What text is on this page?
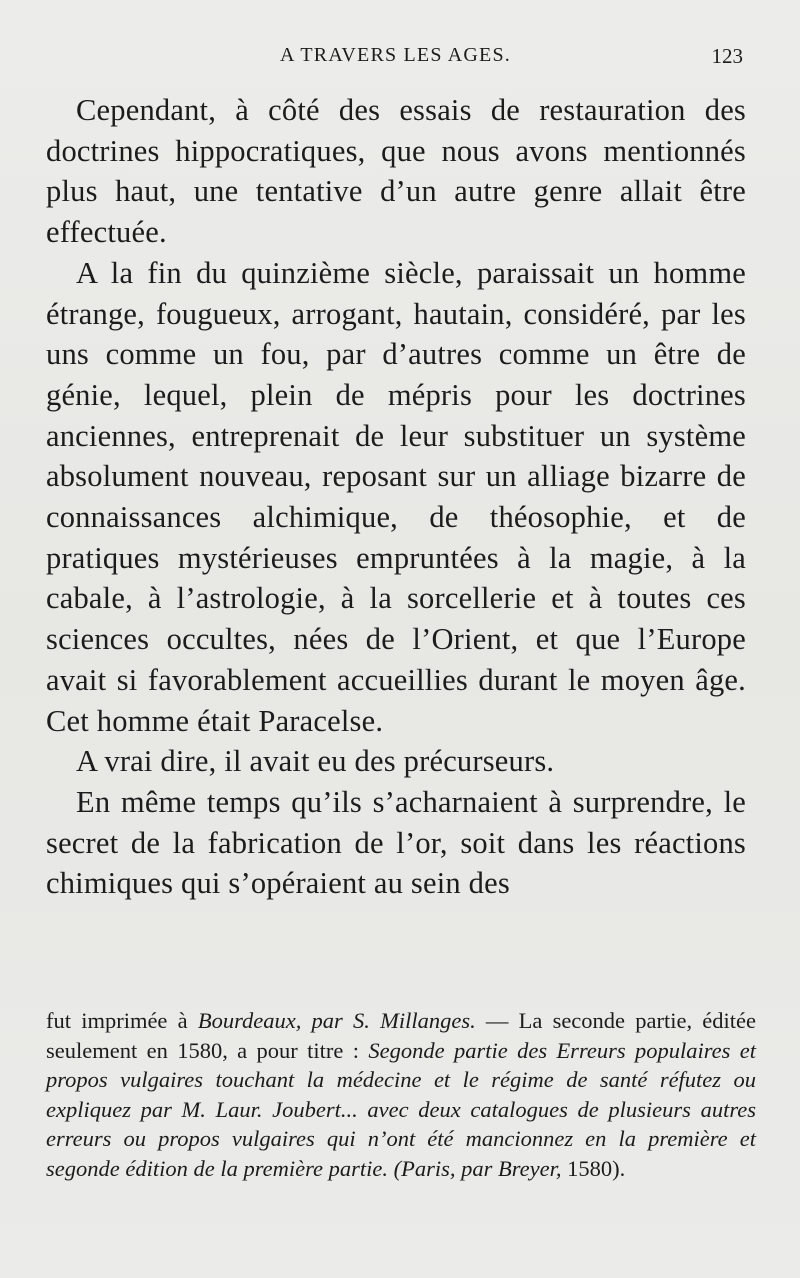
A TRAVERS LES AGES.	123

Cependant, à côté des essais de restauration des doctrines hippocratiques, que nous avons mentionnés plus haut, une tentative d’un autre genre allait être effectuée.

A la fin du quinzième siècle, paraissait un homme étrange, fougueux, arrogant, hautain, considéré, par les uns comme un fou, par d’autres comme un être de génie, lequel, plein de mépris pour les doctrines anciennes, entreprenait de leur substituer un système absolument nouveau, reposant sur un alliage bizarre de connaissances alchimique, de théosophie, et de pratiques mystérieuses empruntées à la magie, à la cabale, à l’astrologie, à la sorcellerie et à toutes ces sciences occultes, nées de l’Orient, et que l’Europe avait si favorablement accueillies durant le moyen âge. Cet homme était Paracelse.

A vrai dire, il avait eu des précurseurs.

En même temps qu’ils s’acharnaient à surprendre, le secret de la fabrication de l’or, soit dans les réactions chimiques qui s’opéraient au sein des

fut imprimée à Bourdeaux, par S. Millanges. — La seconde partie, éditée seulement en 1580, a pour titre : Segonde partie des Erreurs populaires et propos vulgaires touchant la médecine et le régime de santé réfutez ou expliquez par M. Laur. Joubert... avec deux catalogues de plusieurs autres erreurs ou propos vulgaires qui n’ont été mancionnez en la première et segonde édition de la première partie. (Paris, par Breyer, 1580).
